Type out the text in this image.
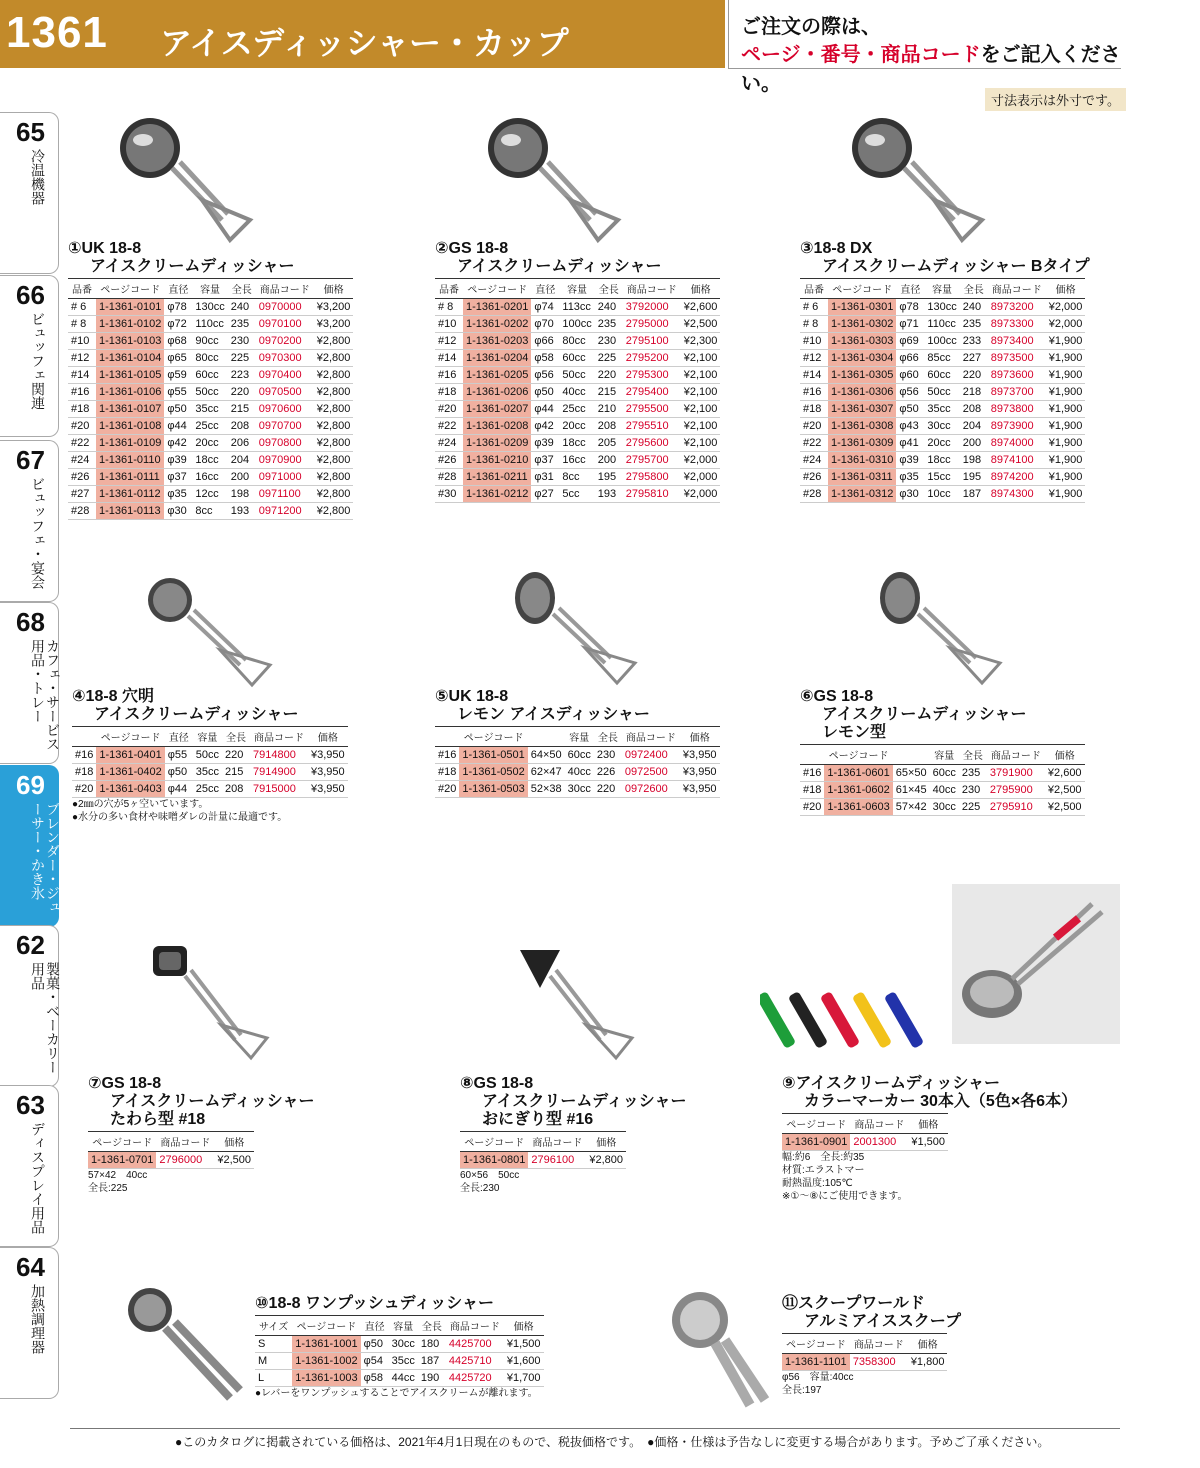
1361 アイスディッシャー・カップ	ご注文の際は、
ページ・番号・商品コードをご記入ください。
寸法表示は外寸です。
65
冷温機器
66
ビュッフェ関連
67
ビュッフェ・宴会
68
カフェ・サービス用品・トレー
69
ブレンダー・ジューサー・かき氷
62
製菓・ベーカリー用品
63
ディスプレイ用品
64
加熱調理器
①UK 18-8
アイスクリームディッシャー
品番	ページコード	直径	容量	全長	商品コード	価格
# 6	1-1361-0101	φ78	130cc	240	0970000	¥3,200
# 8	1-1361-0102	φ72	110cc	235	0970100	¥3,200
#10	1-1361-0103	φ68	90cc	230	0970200	¥2,800
#12	1-1361-0104	φ65	80cc	225	0970300	¥2,800
#14	1-1361-0105	φ59	60cc	223	0970400	¥2,800
#16	1-1361-0106	φ55	50cc	220	0970500	¥2,800
#18	1-1361-0107	φ50	35cc	215	0970600	¥2,800
#20	1-1361-0108	φ44	25cc	208	0970700	¥2,800
#22	1-1361-0109	φ42	20cc	206	0970800	¥2,800
#24	1-1361-0110	φ39	18cc	204	0970900	¥2,800
#26	1-1361-0111	φ37	16cc	200	0971000	¥2,800
#27	1-1361-0112	φ35	12cc	198	0971100	¥2,800
#28	1-1361-0113	φ30	8cc	193	0971200	¥2,800
②GS 18-8
アイスクリームディッシャー
品番	ページコード	直径	容量	全長	商品コード	価格
# 8	1-1361-0201	φ74	113cc	240	3792000	¥2,600
#10	1-1361-0202	φ70	100cc	235	2795000	¥2,500
#12	1-1361-0203	φ66	80cc	230	2795100	¥2,300
#14	1-1361-0204	φ58	60cc	225	2795200	¥2,100
#16	1-1361-0205	φ56	50cc	220	2795300	¥2,100
#18	1-1361-0206	φ50	40cc	215	2795400	¥2,100
#20	1-1361-0207	φ44	25cc	210	2795500	¥2,100
#22	1-1361-0208	φ42	20cc	208	2795510	¥2,100
#24	1-1361-0209	φ39	18cc	205	2795600	¥2,100
#26	1-1361-0210	φ37	16cc	200	2795700	¥2,000
#28	1-1361-0211	φ31	8cc	195	2795800	¥2,000
#30	1-1361-0212	φ27	5cc	193	2795810	¥2,000
③18-8 DX
アイスクリームディッシャー Bタイプ
品番	ページコード	直径	容量	全長	商品コード	価格
# 6	1-1361-0301	φ78	130cc	240	8973200	¥2,000
# 8	1-1361-0302	φ71	110cc	235	8973300	¥2,000
#10	1-1361-0303	φ69	100cc	233	8973400	¥1,900
#12	1-1361-0304	φ66	85cc	227	8973500	¥1,900
#14	1-1361-0305	φ60	60cc	220	8973600	¥1,900
#16	1-1361-0306	φ56	50cc	218	8973700	¥1,900
#18	1-1361-0307	φ50	35cc	208	8973800	¥1,900
#20	1-1361-0308	φ43	30cc	204	8973900	¥1,900
#22	1-1361-0309	φ41	20cc	200	8974000	¥1,900
#24	1-1361-0310	φ39	18cc	198	8974100	¥1,900
#26	1-1361-0311	φ35	15cc	195	8974200	¥1,900
#28	1-1361-0312	φ30	10cc	187	8974300	¥1,900
④18-8 穴明
アイスクリームディッシャー
	ページコード	直径	容量	全長	商品コード	価格
#16	1-1361-0401	φ55	50cc	220	7914800	¥3,950
#18	1-1361-0402	φ50	35cc	215	7914900	¥3,950
#20	1-1361-0403	φ44	25cc	208	7915000	¥3,950
●2㎜の穴が5ヶ空いています。
●水分の多い食材や味噌ダレの計量に最適です。
⑤UK 18-8
レモン アイスディッシャー
	ページコード		容量	全長	商品コード	価格
#16	1-1361-0501	64×50	60cc	230	0972400	¥3,950
#18	1-1361-0502	62×47	40cc	226	0972500	¥3,950
#20	1-1361-0503	52×38	30cc	220	0972600	¥3,950
⑥GS 18-8
アイスクリームディッシャー
レモン型
	ページコード		容量	全長	商品コード	価格
#16	1-1361-0601	65×50	60cc	235	3791900	¥2,600
#18	1-1361-0602	61×45	40cc	230	2795900	¥2,500
#20	1-1361-0603	57×42	30cc	225	2795910	¥2,500
⑦GS 18-8
アイスクリームディッシャー
たわら型 #18
ページコード	商品コード	価格
1-1361-0701	2796000	¥2,500
57×42　40cc
全長:225
⑧GS 18-8
アイスクリームディッシャー
おにぎり型 #16
ページコード	商品コード	価格
1-1361-0801	2796100	¥2,800
60×56　50cc
全長:230
⑨アイスクリームディッシャー
カラーマーカー 30本入（5色×各6本）
ページコード	商品コード	価格
1-1361-0901	2001300	¥1,500
幅:約6　全長:約35
材質:エラストマー
耐熱温度:105℃
※①～⑧にご使用できます。
⑩18-8 ワンプッシュディッシャー
サイズ	ページコード	直径	容量	全長	商品コード	価格
S	1-1361-1001	φ50	30cc	180	4425700	¥1,500
M	1-1361-1002	φ54	35cc	187	4425710	¥1,600
L	1-1361-1003	φ58	44cc	190	4425720	¥1,700
●レバーをワンプッシュすることでアイスクリームが離れます。
⑪スクープワールド
アルミアイススクープ
ページコード	商品コード	価格
1-1361-1101	7358300	¥1,800
φ56　容量:40cc
全長:197
●このカタログに掲載されている価格は、2021年4月1日現在のもので、税抜価格です。　●価格・仕様は予告なしに変更する場合があります。予めご了承ください。
